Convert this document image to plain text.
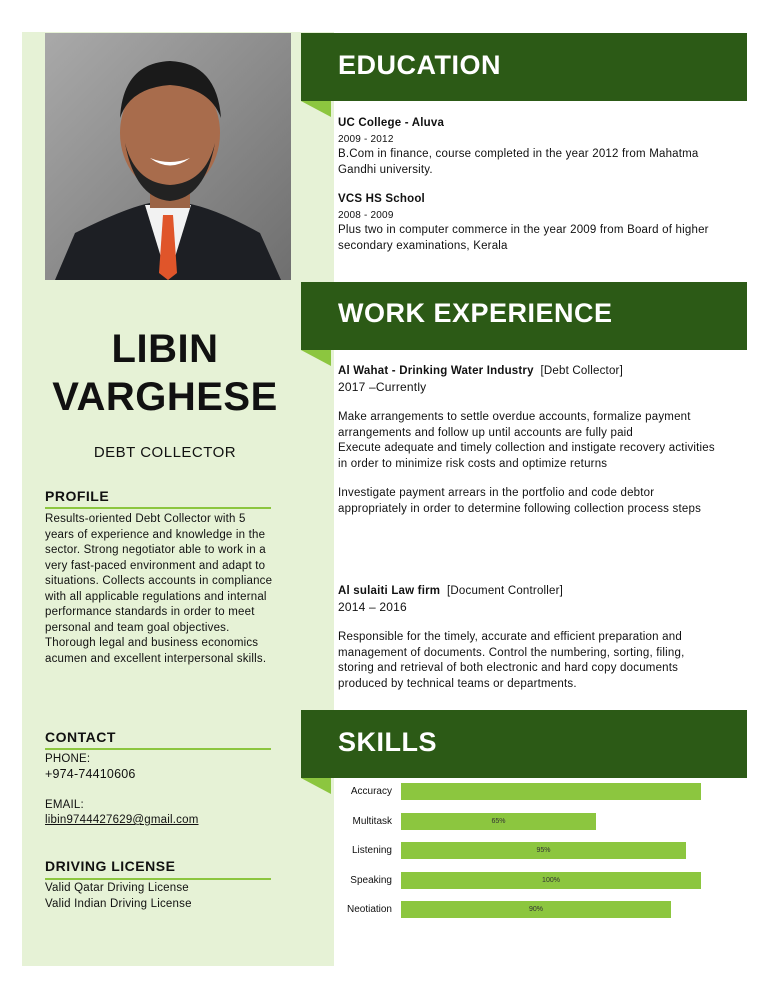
LIBIN
VARGHESE
DEBT COLLECTOR
PROFILE
Results-oriented Debt Collector with 5 years of experience and knowledge in the sector. Strong negotiator able to work in a very fast-paced environment and adapt to situations. Collects accounts in compliance with all applicable regulations and internal performance standards in order to meet personal and team goal objectives. Thorough legal and business economics acumen and excellent interpersonal skills.
CONTACT
PHONE:
+974-74410606
EMAIL:
libin9744427629@gmail.com
DRIVING LICENSE
Valid Qatar Driving License
Valid Indian Driving License
EDUCATION
UC College - Aluva
2009 - 2012
B.Com in finance, course completed in the year 2012 from Mahatma Gandhi university.
VCS HS School
2008 - 2009
Plus two in computer commerce in the year 2009 from Board of higher secondary examinations, Kerala
WORK EXPERIENCE
Al Wahat - Drinking Water Industry [Debt Collector]
2017 –Currently
Make arrangements to settle overdue accounts, formalize payment arrangements and follow up until accounts are fully paid
Execute adequate and timely collection and instigate recovery activities in order to minimize risk costs and optimize returns
Investigate payment arrears in the portfolio and code debtor appropriately in order to determine following collection process steps
Al sulaiti Law firm [Document Controller]
2014 – 2016
Responsible for the timely, accurate and efficient preparation and management of documents. Control the numbering, sorting, filing, storing and retrieval of both electronic and hard copy documents produced by technical teams or departments.
SKILLS
Accuracy
Multitask	65%
Listening	95%
Speaking	100%
Neotiation	90%
